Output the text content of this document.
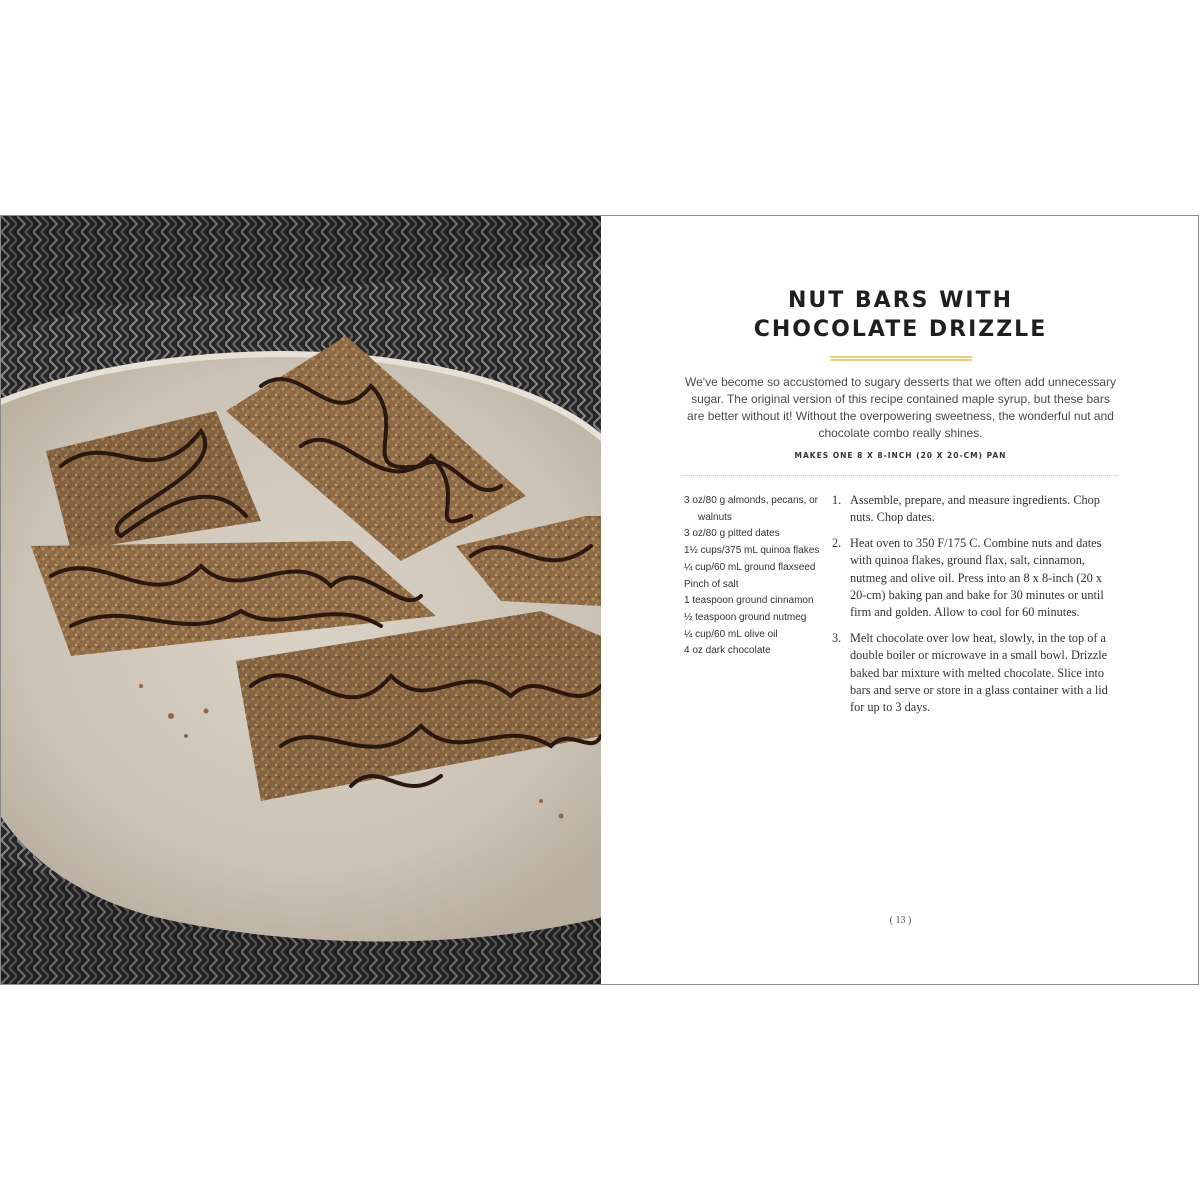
NUT BARS WITH
CHOCOLATE DRIZZLE

We've become so accustomed to sugary desserts that we often add unnecessary sugar. The original version of this recipe contained maple syrup, but these bars are better without it! Without the overpowering sweetness, the wonderful nut and chocolate combo really shines.

MAKES ONE 8 X 8-INCH (20 X 20-CM) PAN
3 oz/80 g almonds, pecans, or walnuts
3 oz/80 g pitted dates
1½ cups/375 mL quinoa flakes
¼ cup/60 mL ground flaxseed
Pinch of salt
1 teaspoon ground cinnamon
½ teaspoon ground nutmeg
¼ cup/60 mL olive oil
4 oz dark chocolate
1. Assemble, prepare, and measure ingredients. Chop nuts. Chop dates.
2. Heat oven to 350 F/175 C. Combine nuts and dates with quinoa flakes, ground flax, salt, cinnamon, nutmeg and olive oil. Press into an 8 x 8-inch (20 x 20-cm) baking pan and bake for 30 minutes or until firm and golden. Allow to cool for 60 minutes.
3. Melt chocolate over low heat, slowly, in the top of a double boiler or microwave in a small bowl. Drizzle baked bar mixture with melted chocolate. Slice into bars and serve or store in a glass container with a lid for up to 3 days.
( 13 )
